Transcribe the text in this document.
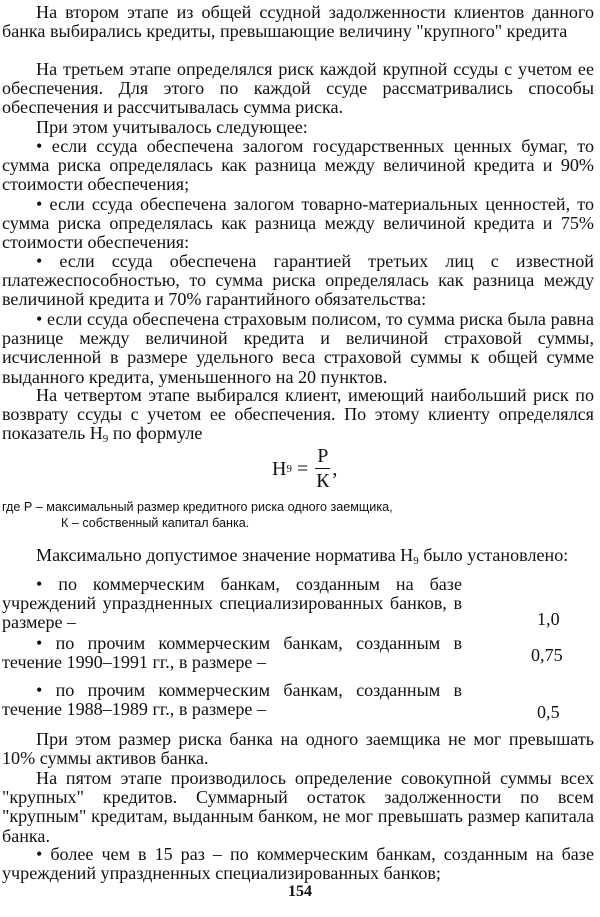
На втором этапе из общей ссудной задолженности клиентов данного банка выбирались кредиты, превышающие величину "крупного" кредита

На третьем этапе определялся риск каждой крупной ссуды с учетом ее обеспечения. Для этого по каждой ссуде рассматривались способы обеспечения и рассчитывалась сумма риска.

При этом учитывалось следующее:

• если ссуда обеспечена залогом государственных ценных бумаг, то сумма риска определялась как разница между величиной кредита и 90% стоимости обеспечения;

• если ссуда обеспечена залогом товарно-материальных ценностей, то сумма риска определялась как разница между величиной кредита и 75% стоимости обеспечения:

• если ссуда обеспечена гарантией третьих лиц с известной платежеспособностью, то сумма риска определялась как разница между величиной кредита и 70% гарантийного обязательства:

• если ссуда обеспечена страховым полисом, то сумма риска была равна разнице между величиной кредита и величиной страховой суммы, исчисленной в размере удельного веса страховой суммы к общей сумме выданного кредита, уменьшенного на 20 пунктов.

На четвертом этапе выбирался клиент, имеющий наибольший риск по возврату ссуды с учетом ее обеспечения. По этому клиенту определялся показатель $Н_9$ по формуле

Н $9 = \frac{Р}{К}$ ,

где Р – максимальный размер кредитного риска одного заемщика,

К – собственный капитал банка.

Максимально допустимое значение норматива $Н_9$ было установлено:

• по коммерческим банкам, созданным на базе учреждений упраздненных специализированных банков, в размере –	1,0

• по прочим коммерческим банкам, созданным в течение 1990–1991 гг., в размере –	0,75

• по прочим коммерческим банкам, созданным в течение 1988–1989 гг., в размере –	0,5

При этом размер риска банка на одного заемщика не мог превышать 10% суммы активов банка.

На пятом этапе производилось определение совокупной суммы всех "крупных" кредитов. Суммарный остаток задолженности по всем "крупным" кредитам, выданным банком, не мог превышать размер капитала банка.

• более чем в 15 раз – по коммерческим банкам, созданным на базе учреждений упраздненных специализированных банков;

154
